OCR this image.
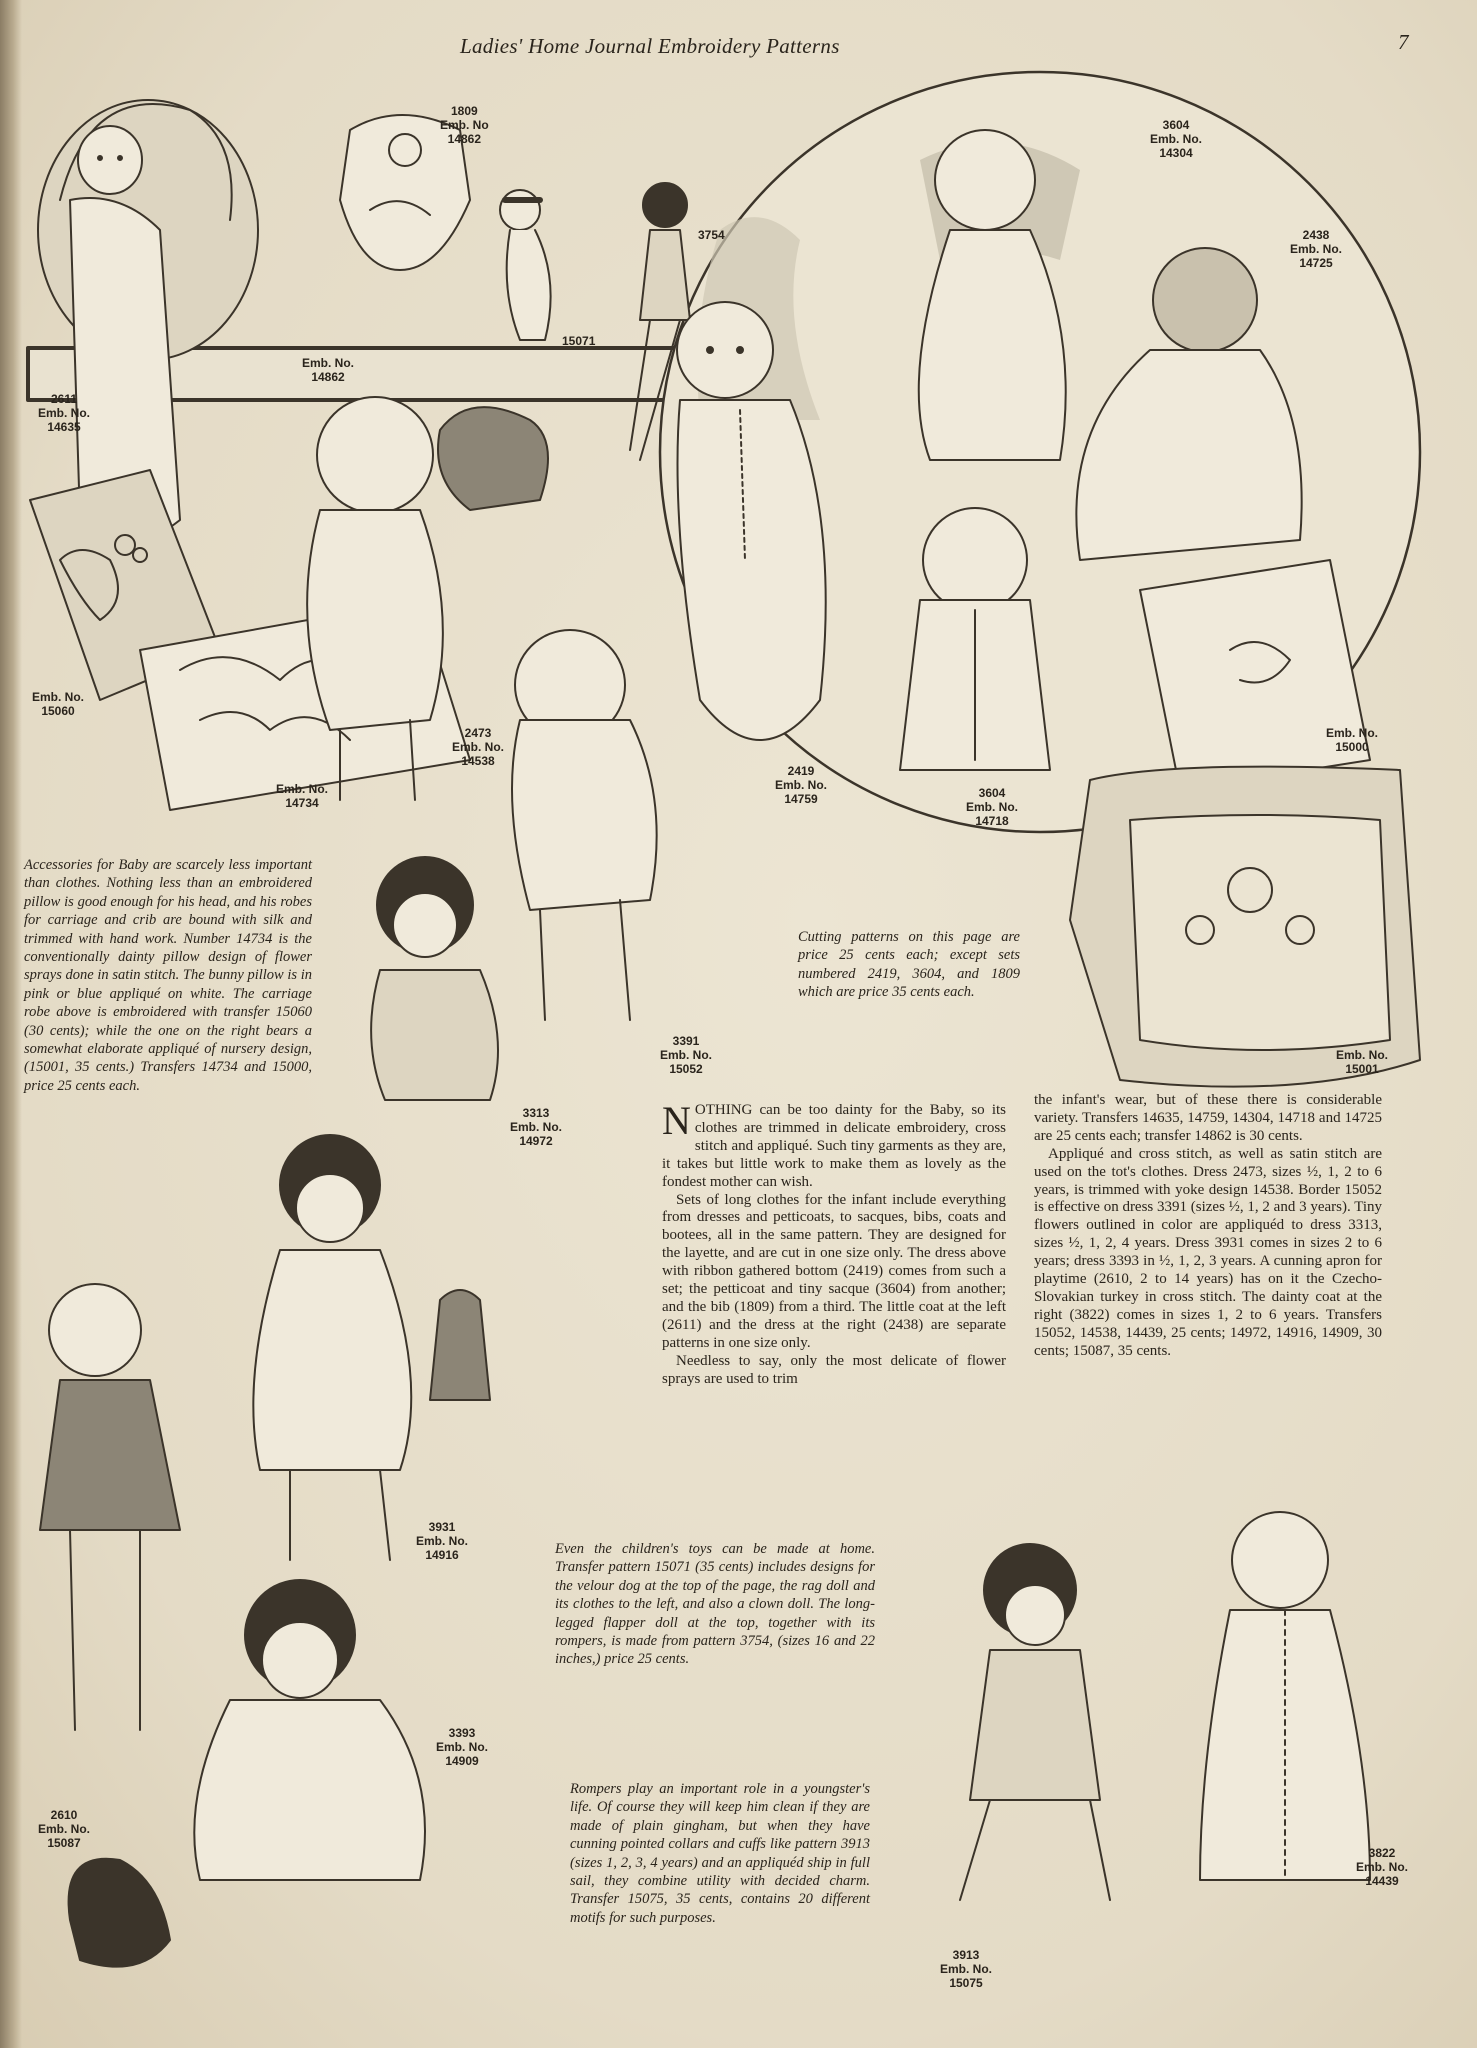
Ladies' Home Journal Embroidery Patterns	7
1809
Emb. No
14862
3604
Emb. No.
14304
2438
Emb. No.
14725
3754
15071
Emb. No.
14862
2611
Emb. No.
14635
Emb. No.
15060
2473
Emb. No.
14538
Emb. No.
14734
2419
Emb. No.
14759	3604
Emb. No.
14718
Emb. No.
15000
Emb. No.
15001
3391
Emb. No.
15052
3313
Emb. No.
14972
3931
Emb. No.
14916
3393
Emb. No.
14909
2610
Emb. No.
15087
3913
Emb. No.
15075
3822
Emb. No.
14439
Accessories for Baby are scarcely less important than clothes. Nothing less than an embroidered pillow is good enough for his head, and his robes for carriage and crib are bound with silk and trimmed with hand work. Number 14734 is the conventionally dainty pillow design of flower sprays done in satin stitch. The bunny pillow is in pink or blue appliqué on white. The carriage robe above is embroidered with transfer 15060 (30 cents); while the one on the right bears a somewhat elaborate appliqué of nursery design, (15001, 35 cents.) Transfers 14734 and 15000, price 25 cents each.
Cutting patterns on this page are price 25 cents each; except sets numbered 2419, 3604, and 1809 which are price 35 cents each.
Even the children's toys can be made at home. Transfer pattern 15071 (35 cents) includes designs for the velour dog at the top of the page, the rag doll and its clothes to the left, and also a clown doll. The long-legged flapper doll at the top, together with its rompers, is made from pattern 3754, (sizes 16 and 22 inches,) price 25 cents.
Rompers play an important role in a youngster's life. Of course they will keep him clean if they are made of plain gingham, but when they have cunning pointed collars and cuffs like pattern 3913 (sizes 1, 2, 3, 4 years) and an appliquéd ship in full sail, they combine utility with decided charm. Transfer 15075, 35 cents, contains 20 different motifs for such purposes.

NOTHING can be too dainty for the Baby, so its clothes are trimmed in delicate embroidery, cross stitch and appliqué. Such tiny garments as they are, it takes but little work to make them as lovely as the fondest mother can wish.

Sets of long clothes for the infant include everything from dresses and petticoats, to sacques, bibs, coats and bootees, all in the same pattern. They are designed for the layette, and are cut in one size only. The dress above with ribbon gathered bottom (2419) comes from such a set; the petticoat and tiny sacque (3604) from another; and the bib (1809) from a third. The little coat at the left (2611) and the dress at the right (2438) are separate patterns in one size only.

Needless to say, only the most delicate of flower sprays are used to trim

the infant's wear, but of these there is considerable variety. Transfers 14635, 14759, 14304, 14718 and 14725 are 25 cents each; transfer 14862 is 30 cents.

Appliqué and cross stitch, as well as satin stitch are used on the tot's clothes. Dress 2473, sizes ½, 1, 2 to 6 years, is trimmed with yoke design 14538. Border 15052 is effective on dress 3391 (sizes ½, 1, 2 and 3 years). Tiny flowers outlined in color are appliquéd to dress 3313, sizes ½, 1, 2, 4 years. Dress 3931 comes in sizes 2 to 6 years; dress 3393 in ½, 1, 2, 3 years. A cunning apron for playtime (2610, 2 to 14 years) has on it the Czecho-Slovakian turkey in cross stitch. The dainty coat at the right (3822) comes in sizes 1, 2 to 6 years. Transfers 15052, 14538, 14439, 25 cents; 14972, 14916, 14909, 30 cents; 15087, 35 cents.
